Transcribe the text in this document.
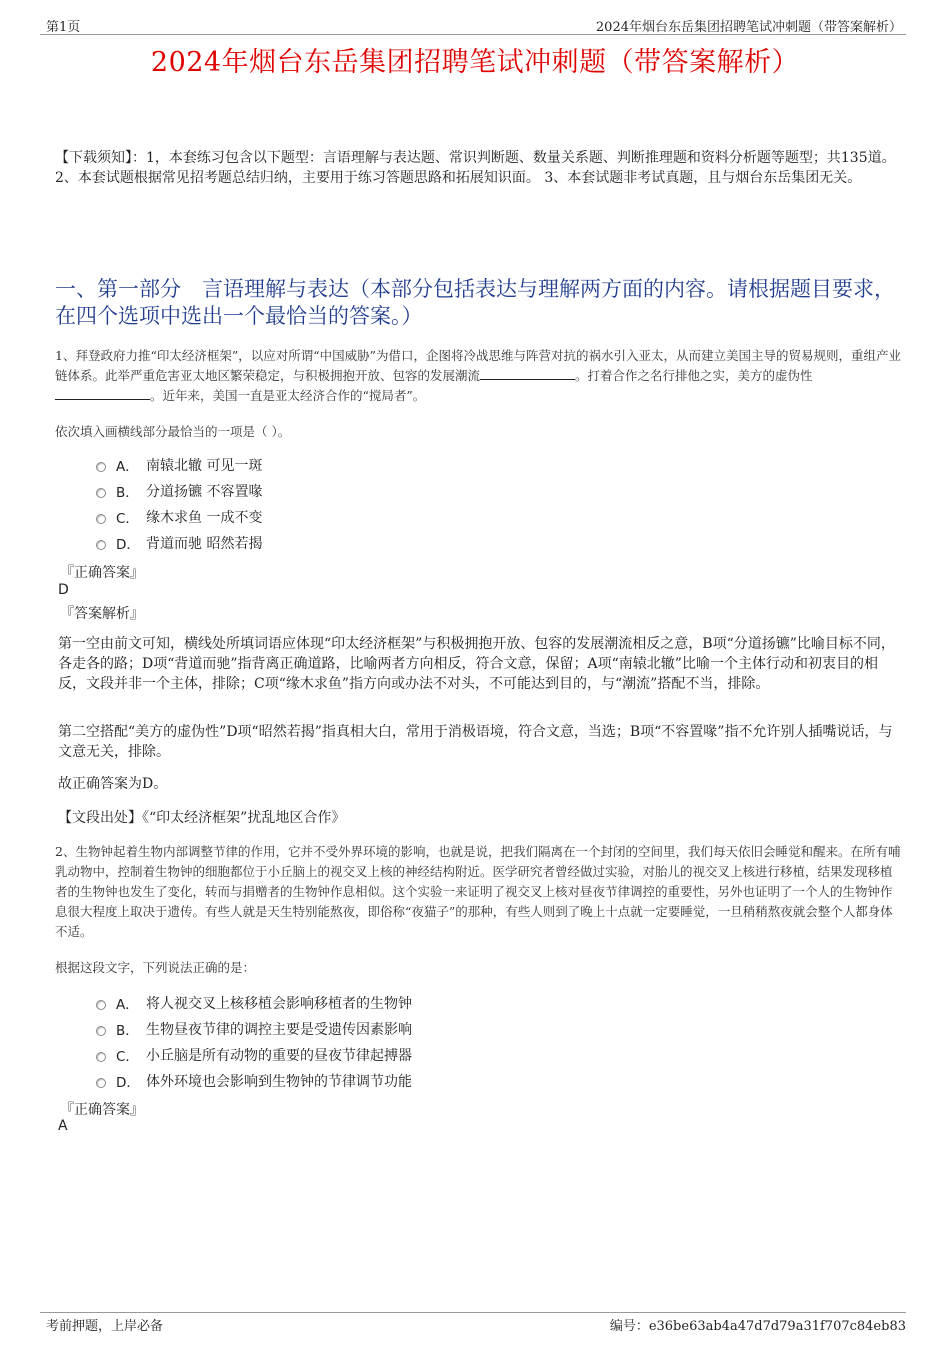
第1页	2024年烟台东岳集团招聘笔试冲刺题（带答案解析）
2024年烟台东岳集团招聘笔试冲刺题（带答案解析）
【下载须知】：1，本套练习包含以下题型：言语理解与表达题、常识判断题、数量关系题、判断推理题和资料分析题等题型；共135道。 2、本套试题根据常见招考题总结归纳，主要用于练习答题思路和拓展知识面。 3、本套试题非考试真题，且与烟台东岳集团无关。
一、第一部分　言语理解与表达（本部分包括表达与理解两方面的内容。请根据题目要求，在四个选项中选出一个最恰当的答案。）
1、拜登政府力推“印太经济框架”，以应对所谓“中国威胁”为借口，企图将冷战思维与阵营对抗的祸水引入亚太，从而建立美国主导的贸易规则，重组产业链体系。此举严重危害亚太地区繁荣稳定，与积极拥抱开放、包容的发展潮流	。打着合作之名行排他之实，美方的虚伪性。近年来，美国一直是亚太经济合作的“搅局者”。
依次填入画横线部分最恰当的一项是（ ）。
A． 南辕北辙 可见一斑
B． 分道扬镳 不容置喙
C． 缘木求鱼 一成不变
D． 背道而驰 昭然若揭
『正确答案』
D
『答案解析』
第一空由前文可知，横线处所填词语应体现“印太经济框架”与积极拥抱开放、包容的发展潮流相反之意，B项“分道扬镳”比喻目标不同，各走各的路；D项“背道而驰”指背离正确道路，比喻两者方向相反，符合文意，保留；A项“南辕北辙”比喻一个主体行动和初衷目的相反，文段并非一个主体，排除；C项“缘木求鱼”指方向或办法不对头，不可能达到目的，与“潮流”搭配不当，排除。
第二空搭配“美方的虚伪性”D项“昭然若揭”指真相大白，常用于消极语境，符合文意，当选；B项“不容置喙”指不允许别人插嘴说话，与文意无关，排除。
故正确答案为D。
【文段出处】《“印太经济框架”扰乱地区合作》
2、生物钟起着生物内部调整节律的作用，它并不受外界环境的影响，也就是说，把我们隔离在一个封闭的空间里，我们每天依旧会睡觉和醒来。在所有哺乳动物中，控制着生物钟的细胞都位于小丘脑上的视交叉上核的神经结构附近。医学研究者曾经做过实验，对胎儿的视交叉上核进行移植，结果发现移植者的生物钟也发生了变化，转而与捐赠者的生物钟作息相似。这个实验一来证明了视交叉上核对昼夜节律调控的重要性，另外也证明了一个人的生物钟作息很大程度上取决于遗传。有些人就是天生特别能熬夜，即俗称“夜猫子”的那种，有些人则到了晚上十点就一定要睡觉，一旦稍稍熬夜就会整个人都身体不适。
根据这段文字，下列说法正确的是：
A． 将人视交叉上核移植会影响移植者的生物钟
B． 生物昼夜节律的调控主要是受遗传因素影响
C． 小丘脑是所有动物的重要的昼夜节律起搏器
D． 体外环境也会影响到生物钟的节律调节功能
『正确答案』
A
考前押题，上岸必备	编号：e36be63ab4a47d7d79a31f707c84eb83
